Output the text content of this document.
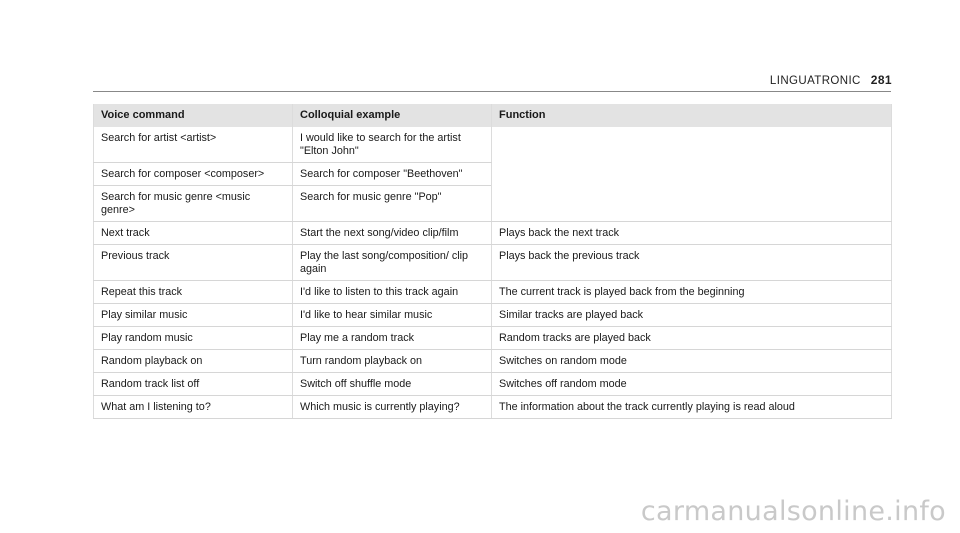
LINGUATRONIC 281
Voice command	Colloquial example	Function
Search for artist <artist>	I would like to search for the artist "Elton John"	
Search for composer <composer>	Search for composer "Beethoven"	
Search for music genre <music genre>	Search for music genre "Pop"	
Next track	Start the next song/video clip/film	Plays back the next track
Previous track	Play the last song/composition/ clip again	Plays back the previous track
Repeat this track	I'd like to listen to this track again	The current track is played back from the beginning
Play similar music	I'd like to hear similar music	Similar tracks are played back
Play random music	Play me a random track	Random tracks are played back
Random playback on	Turn random playback on	Switches on random mode
Random track list off	Switch off shuffle mode	Switches off random mode
What am I listening to?	Which music is currently playing?	The information about the track currently playing is read aloud
carmanualsonline.info
